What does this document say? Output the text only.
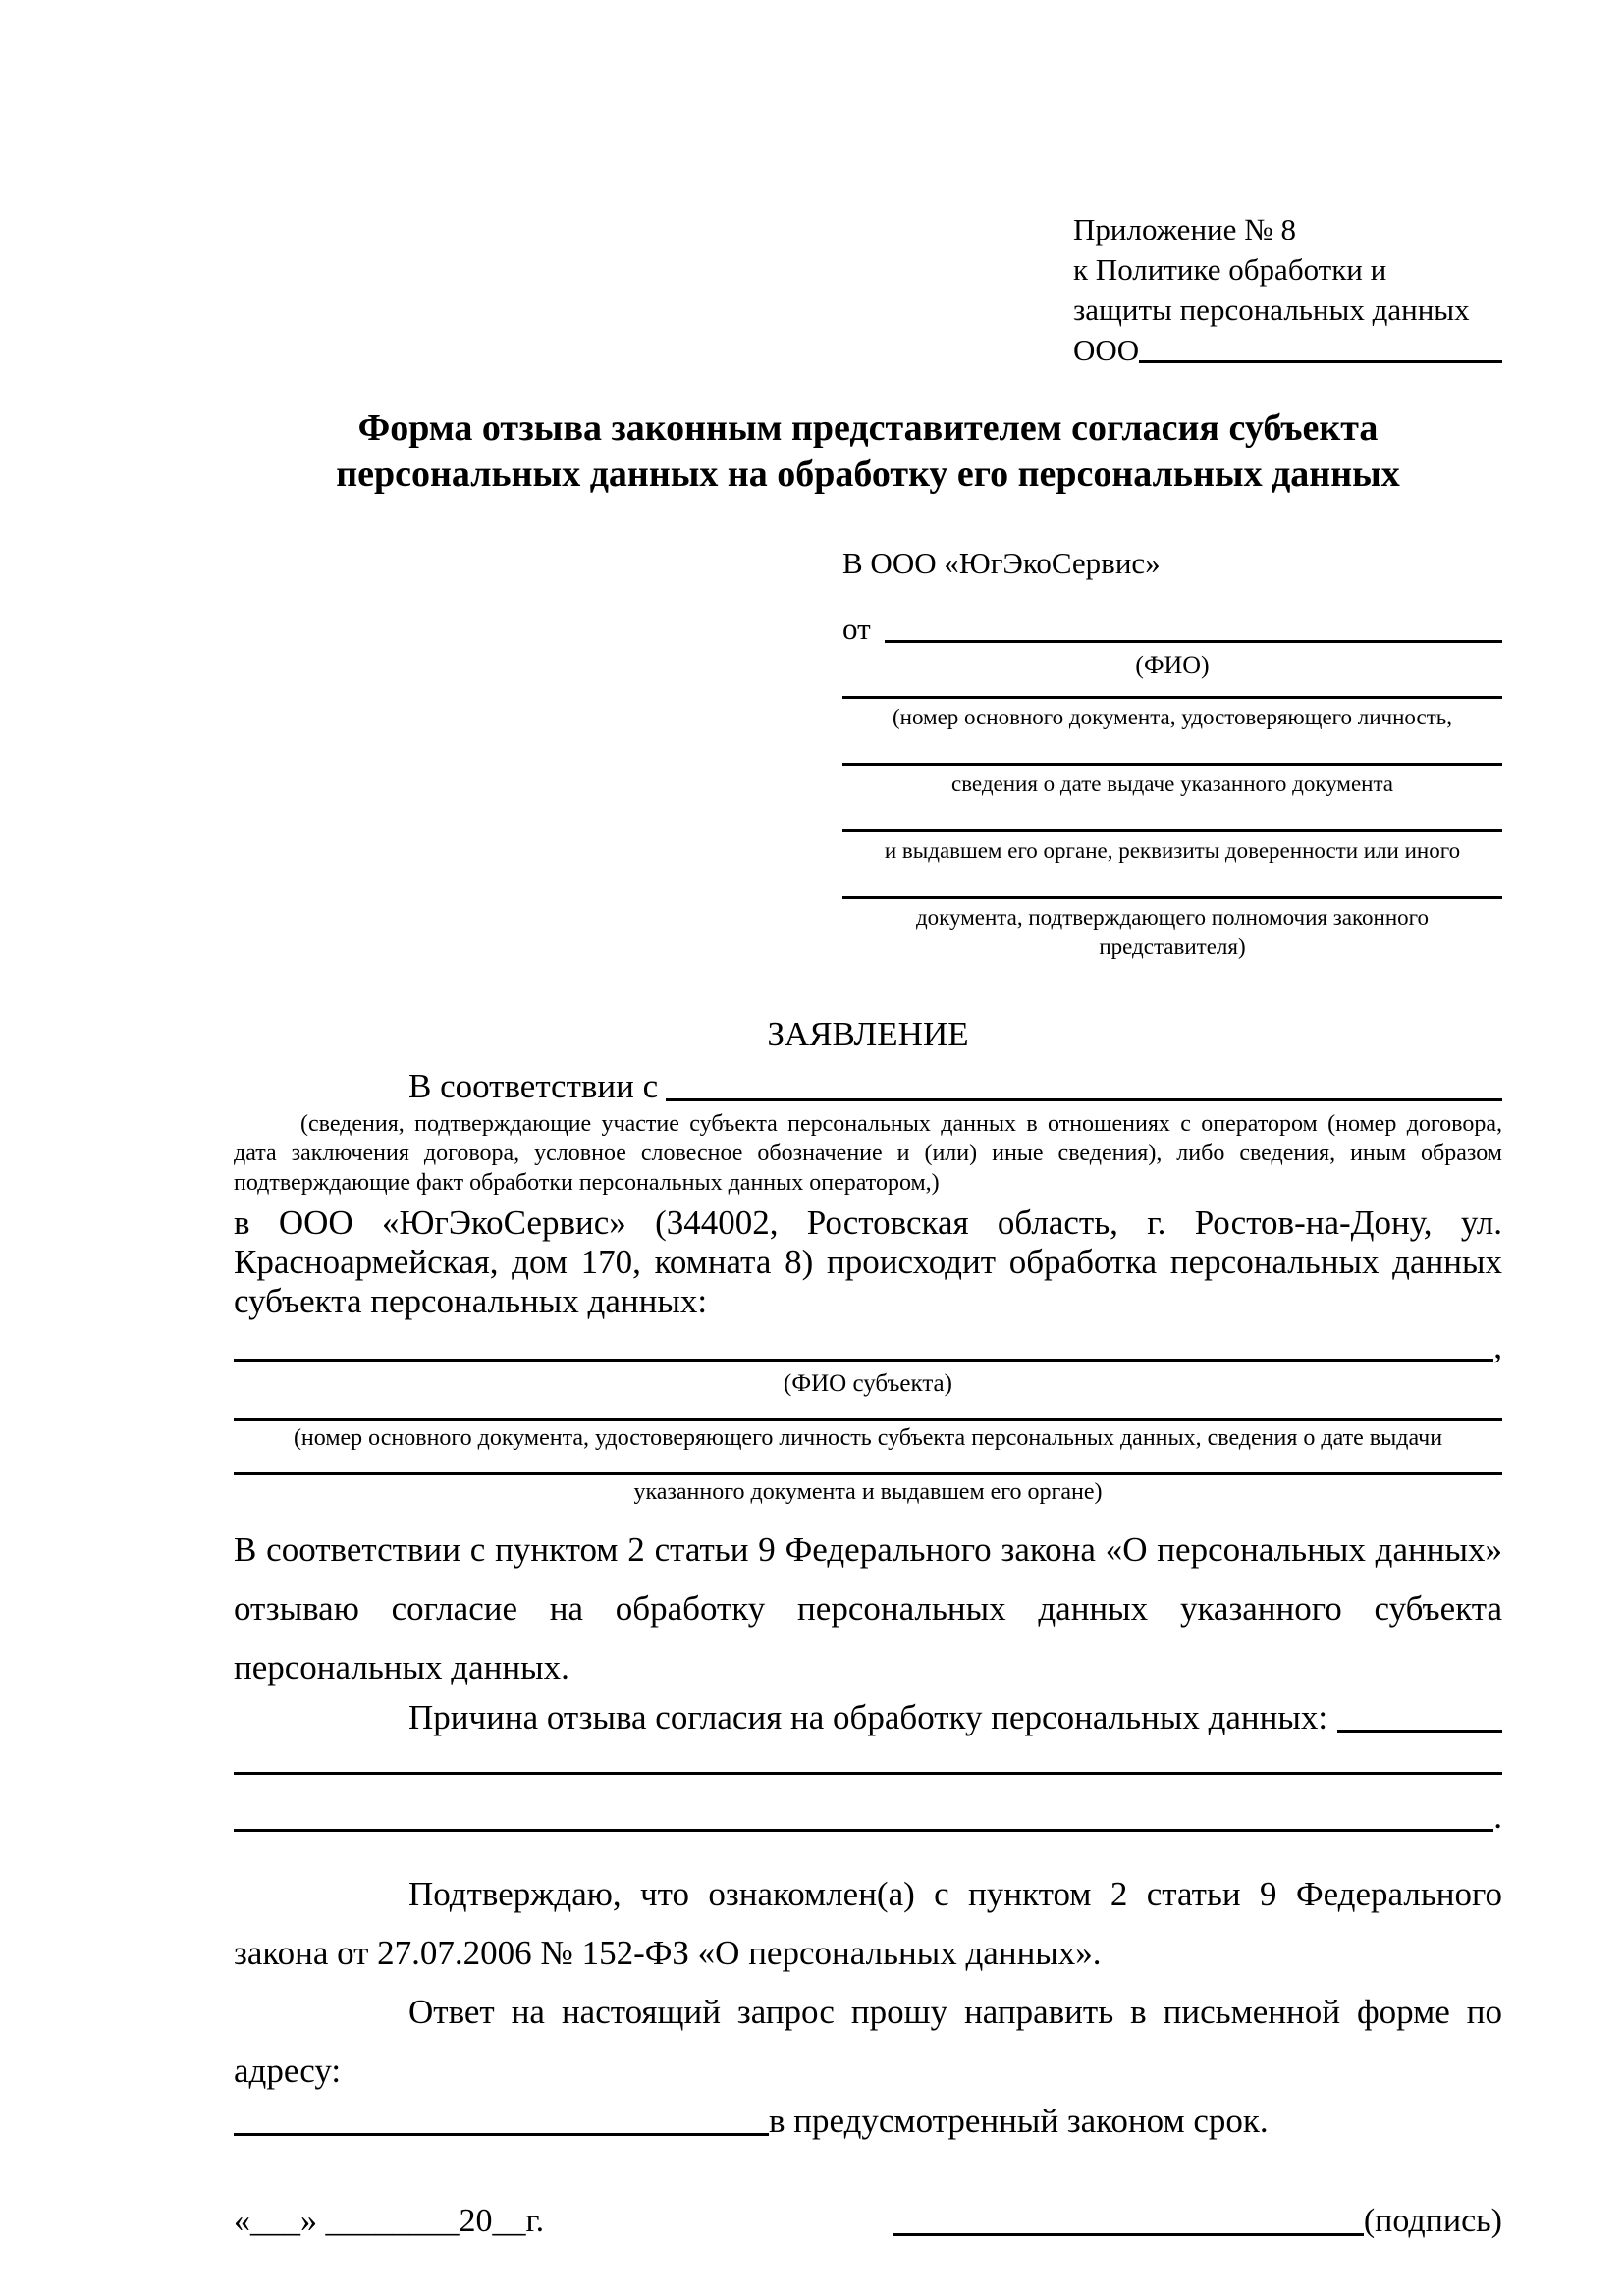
Приложение № 8
к Политике обработки и
защиты персональных данных
ООО
Форма отзыва законным представителем согласия субъекта персональных данных на обработку его персональных данных
В ООО «ЮгЭкоСервис»
от
(ФИО)
(номер основного документа, удостоверяющего личность,
сведения о дате выдаче указанного документа
и выдавшем его органе, реквизиты доверенности или иного
документа, подтверждающего полномочия законного представителя)
ЗАЯВЛЕНИЕ
В соответствии с
(сведения, подтверждающие участие субъекта персональных данных в отношениях с оператором (номер договора, дата заключения договора, условное словесное обозначение и (или) иные сведения), либо сведения, иным образом подтверждающие факт обработки персональных данных оператором,)

в ООО «ЮгЭкоСервис» (344002, Ростовская область, г. Ростов-на-Дону, ул. Красноармейская, дом 170, комната 8) происходит обработка персональных данных субъекта персональных данных:

,
(ФИО субъекта)
(номер основного документа, удостоверяющего личность субъекта персональных данных, сведения о дате выдачи
указанного документа и выдавшем его органе)

В соответствии с пунктом 2 статьи 9 Федерального закона «О персональных данных» отзываю согласие на обработку персональных данных указанного субъекта персональных данных.

Причина отзыва согласия на обработку персональных данных:
.

Подтверждаю, что ознакомлен(а) с пунктом 2 статьи 9 Федерального закона от 27.07.2006 № 152-ФЗ «О персональных данных».

Ответ на настоящий запрос прошу направить в письменной форме по адресу:

в предусмотренный законом срок.
«___» ________20__г.	(подпись)
